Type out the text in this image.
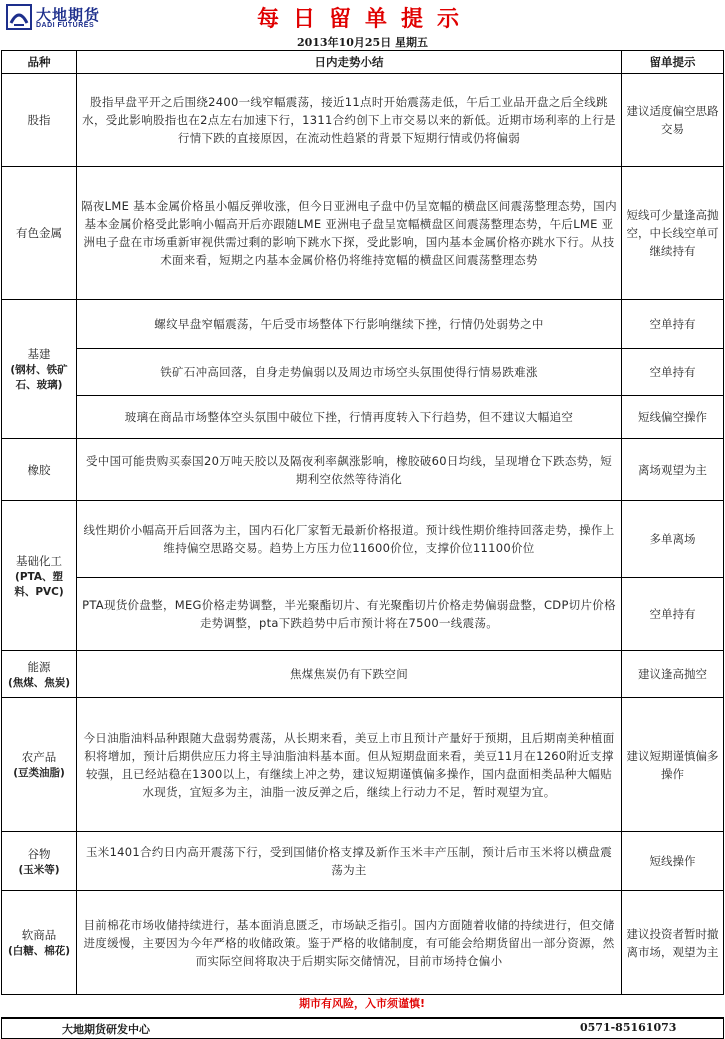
大地期货
DADI FUTURES	每日留单提示
2013年10月25日 星期五
品种	日内走势小结	留单提示
股指	股指早盘平开之后围绕2400一线窄幅震荡，接近11点时开始震荡走低，午后工业品开盘之后全线跳水，受此影响股指也在2点左右加速下行，1311合约创下上市交易以来的新低。近期市场利率的上行是行情下跌的直接原因，在流动性趋紧的背景下短期行情或仍将偏弱	建议适度偏空思路交易
有色金属	隔夜LME 基本金属价格虽小幅反弹收涨，但今日亚洲电子盘中仍呈宽幅的横盘区间震荡整理态势，国内基本金属价格受此影响小幅高开后亦跟随LME 亚洲电子盘呈宽幅横盘区间震荡整理态势，午后LME 亚洲电子盘在市场重新审视供需过剩的影响下跳水下探，受此影响，国内基本金属价格亦跳水下行。从技术面来看，短期之内基本金属价格仍将维持宽幅的横盘区间震荡整理态势	短线可少量逢高抛空，中长线空单可继续持有
基建
(钢材、铁矿石、玻璃)	螺纹早盘窄幅震荡，午后受市场整体下行影响继续下挫，行情仍处弱势之中	空单持有
	铁矿石冲高回落，自身走势偏弱以及周边市场空头氛围使得行情易跌难涨	空单持有
	玻璃在商品市场整体空头氛围中破位下挫，行情再度转入下行趋势，但不建议大幅追空	短线偏空操作
橡胶	受中国可能贵购买泰国20万吨天胶以及隔夜利率飙涨影响，橡胶破60日均线，呈现增仓下跌态势，短期利空依然等待消化	离场观望为主
基础化工
(PTA、塑料、PVC)	线性期价小幅高开后回落为主，国内石化厂家暂无最新价格报道。预计线性期价维持回落走势，操作上维持偏空思路交易。趋势上方压力位11600价位，支撑价位11100价位	多单离场
	PTA现货价盘整，MEG价格走势调整，半光聚酯切片、有光聚酯切片价格走势偏弱盘整，CDP切片价格走势调整，pta下跌趋势中后市预计将在7500一线震荡。	空单持有
能源
(焦煤、焦炭)	焦煤焦炭仍有下跌空间	建议逢高抛空
农产品
(豆类油脂)	今日油脂油料品种跟随大盘弱势震荡，从长期来看，美豆上市且预计产量好于预期，且后期南美种植面积将增加，预计后期供应压力将主导油脂油料基本面。但从短期盘面来看，美豆11月在1260附近支撑较强，且已经站稳在1300以上，有继续上冲之势，建议短期谨慎偏多操作，国内盘面相类品种大幅贴水现货，宜短多为主，油脂一波反弹之后，继续上行动力不足，暂时观望为宜。	建议短期谨慎偏多操作
谷物
(玉米等)	玉米1401合约日内高开震荡下行，受到国储价格支撑及新作玉米丰产压制，预计后市玉米将以横盘震荡为主	短线操作
软商品
(白糖、棉花)	目前棉花市场收储持续进行，基本面消息匮乏，市场缺乏指引。国内方面随着收储的持续进行，但交储进度缓慢，主要因为今年严格的收储政策。鉴于严格的收储制度，有可能会给期货留出一部分资源，然而实际空间将取决于后期实际交储情况，目前市场持仓偏小	建议投资者暂时撤离市场，观望为主
期市有风险，入市须谨慎!
大地期货研发中心	0571-85161073
